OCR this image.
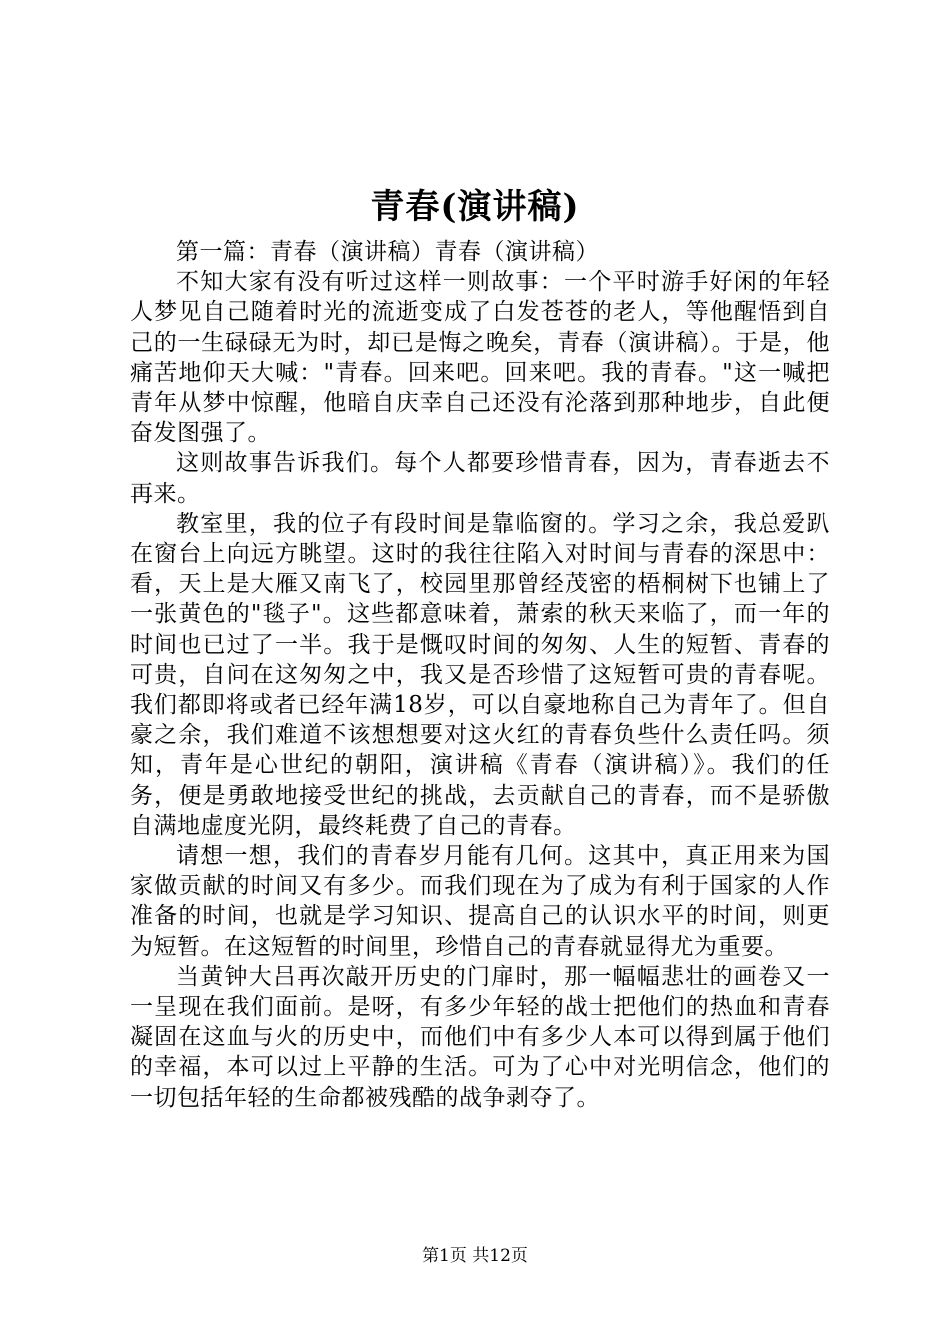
青春(演讲稿)

第一篇：青春（演讲稿）青春（演讲稿）

不知大家有没有听过这样一则故事：一个平时游手好闲的年轻人梦见自己随着时光的流逝变成了白发苍苍的老人，等他醒悟到自己的一生碌碌无为时，却已是悔之晚矣，青春（演讲稿）。于是，他痛苦地仰天大喊："青春。回来吧。回来吧。我的青春。"这一喊把青年从梦中惊醒，他暗自庆幸自己还没有沦落到那种地步，自此便奋发图强了。

这则故事告诉我们。每个人都要珍惜青春，因为，青春逝去不再来。

教室里，我的位子有段时间是靠临窗的。学习之余，我总爱趴在窗台上向远方眺望。这时的我往往陷入对时间与青春的深思中：看，天上是大雁又南飞了，校园里那曾经茂密的梧桐树下也铺上了一张黄色的"毯子"。这些都意味着，萧索的秋天来临了，而一年的时间也已过了一半。我于是慨叹时间的匆匆、人生的短暂、青春的可贵，自问在这匆匆之中，我又是否珍惜了这短暂可贵的青春呢。我们都即将或者已经年满18岁，可以自豪地称自己为青年了。但自豪之余，我们难道不该想想要对这火红的青春负些什么责任吗。须知，青年是心世纪的朝阳，演讲稿《青春（演讲稿）》。我们的任务，便是勇敢地接受世纪的挑战，去贡献自己的青春，而不是骄傲自满地虚度光阴，最终耗费了自己的青春。

请想一想，我们的青春岁月能有几何。这其中，真正用来为国家做贡献的时间又有多少。而我们现在为了成为有利于国家的人作准备的时间，也就是学习知识、提高自己的认识水平的时间，则更为短暂。在这短暂的时间里，珍惜自己的青春就显得尤为重要。

当黄钟大吕再次敲开历史的门扉时，那一幅幅悲壮的画卷又一一呈现在我们面前。是呀，有多少年轻的战士把他们的热血和青春凝固在这血与火的历史中，而他们中有多少人本可以得到属于他们的幸福，本可以过上平静的生活。可为了心中对光明信念，他们的一切包括年轻的生命都被残酷的战争剥夺了。

第1页 共12页
